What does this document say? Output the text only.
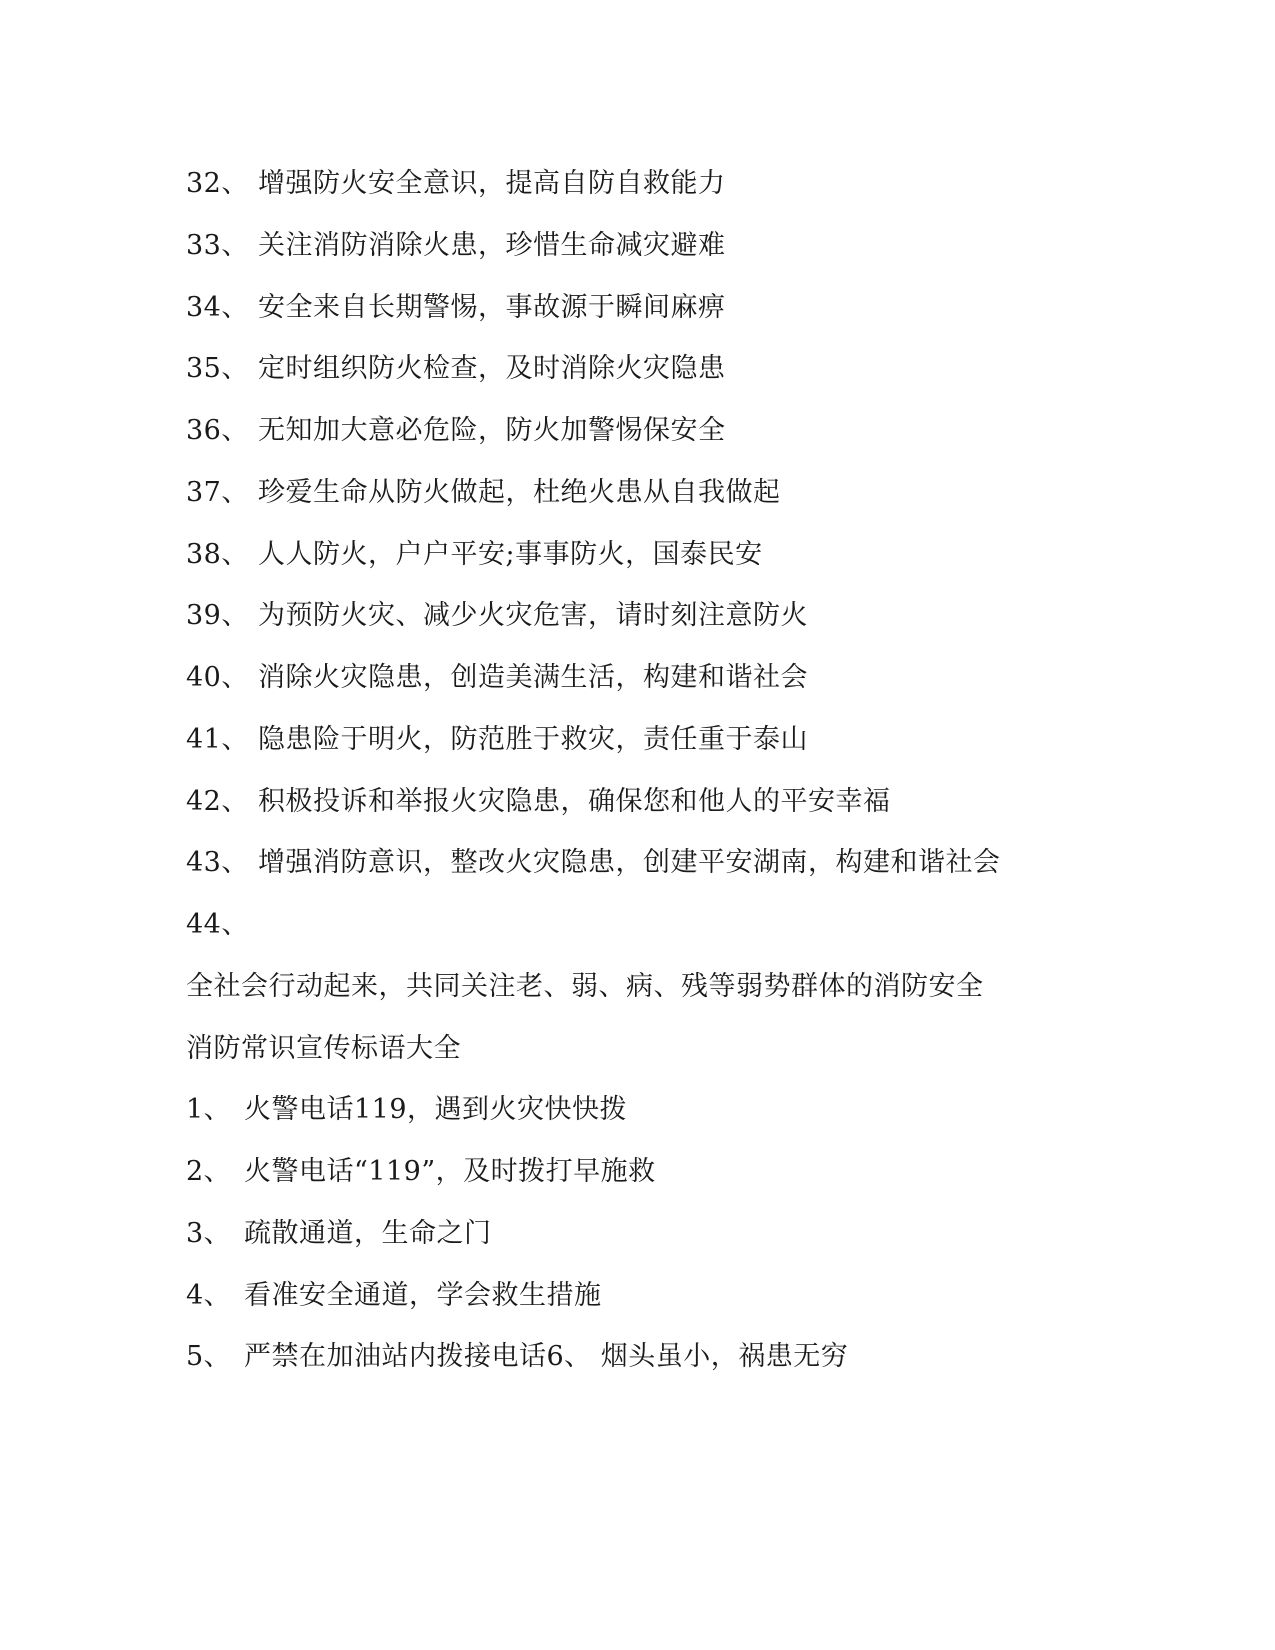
32、 增强防火安全意识，提高自防自救能力
33、 关注消防消除火患，珍惜生命减灾避难
34、 安全来自长期警惕，事故源于瞬间麻痹
35、 定时组织防火检查，及时消除火灾隐患
36、 无知加大意必危险，防火加警惕保安全
37、 珍爱生命从防火做起，杜绝火患从自我做起
38、 人人防火，户户平安;事事防火，国泰民安
39、 为预防火灾、减少火灾危害，请时刻注意防火
40、 消除火灾隐患，创造美满生活，构建和谐社会
41、 隐患险于明火，防范胜于救灾，责任重于泰山
42、 积极投诉和举报火灾隐患，确保您和他人的平安幸福
43、 增强消防意识，整改火灾隐患，创建平安湖南，构建和谐社会
44、
全社会行动起来，共同关注老、弱、病、残等弱势群体的消防安全
消防常识宣传标语大全
1、 火警电话119，遇到火灾快快拨
2、 火警电话“119”，及时拨打早施救
3、 疏散通道，生命之门
4、 看准安全通道，学会救生措施
5、 严禁在加油站内拨接电话6、 烟头虽小，祸患无穷
